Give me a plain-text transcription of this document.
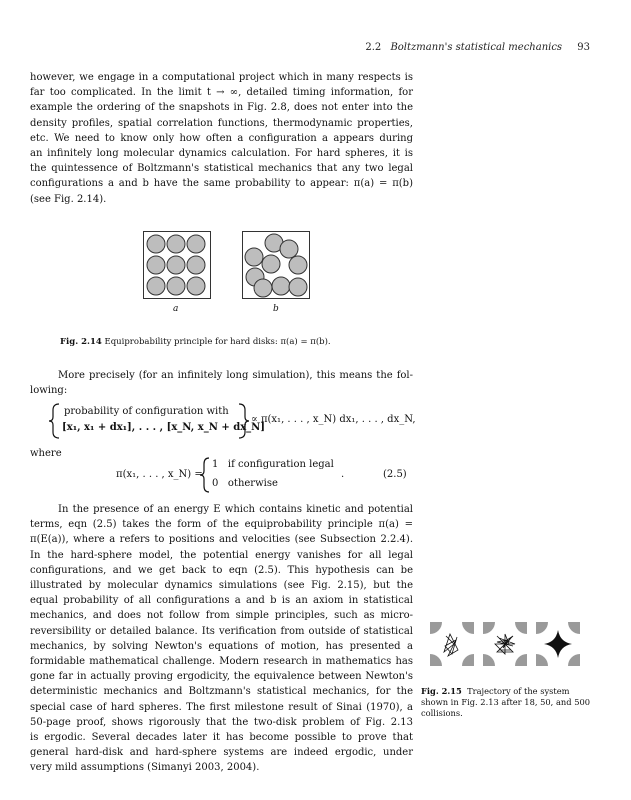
2.2 Boltzmann's statistical mechanics 93
however, we engage in a computational project which in many respects is
far too complicated. In the limit t → ∞, detailed timing information, for
example the ordering of the snapshots in Fig. 2.8, does not enter into the
density profiles, spatial correlation functions, thermodynamic properties,
etc. We need to know only how often a configuration a appears during
an infinitely long molecular dynamics calculation. For hard spheres, it is
the quintessence of Boltzmann's statistical mechanics that any two legal
configurations a and b have the same probability to appear: π(a) = π(b)
(see Fig. 2.14).
a	b
Fig. 2.14 Equiprobability principle for hard disks: π(a) = π(b).
More precisely (for an infinitely long simulation), this means the fol-
lowing:
probability of configuration with
[x₁, x₁ + dx₁], . . . , [x_N, x_N + dx_N]
∝ π(x₁, . . . , x_N) dx₁, . . . , dx_N,
where
π(x₁, . . . , x_N) =
1   if configuration legal
0   otherwise
.	(2.5)
In the presence of an energy E which contains kinetic and potential
terms, eqn (2.5) takes the form of the equiprobability principle π(a) =
π(E(a)), where a refers to positions and velocities (see Subsection 2.2.4).
In the hard-sphere model, the potential energy vanishes for all legal
configurations, and we get back to eqn (2.5). This hypothesis can be
illustrated by molecular dynamics simulations (see Fig. 2.15), but the
equal probability of all configurations a and b is an axiom in statistical
mechanics, and does not follow from simple principles, such as micro-
reversibility or detailed balance. Its verification from outside of statistical
mechanics, by solving Newton's equations of motion, has presented a
formidable mathematical challenge. Modern research in mathematics has
gone far in actually proving ergodicity, the equivalence between Newton's
deterministic mechanics and Boltzmann's statistical mechanics, for the
special case of hard spheres. The first milestone result of Sinai (1970), a
50-page proof, shows rigorously that the two-disk problem of Fig. 2.13
is ergodic. Several decades later it has become possible to prove that
general hard-disk and hard-sphere systems are indeed ergodic, under
very mild assumptions (Simanyi 2003, 2004).
Fig. 2.15 Trajectory of the system
shown in Fig. 2.13 after 18, 50, and 500
collisions.
